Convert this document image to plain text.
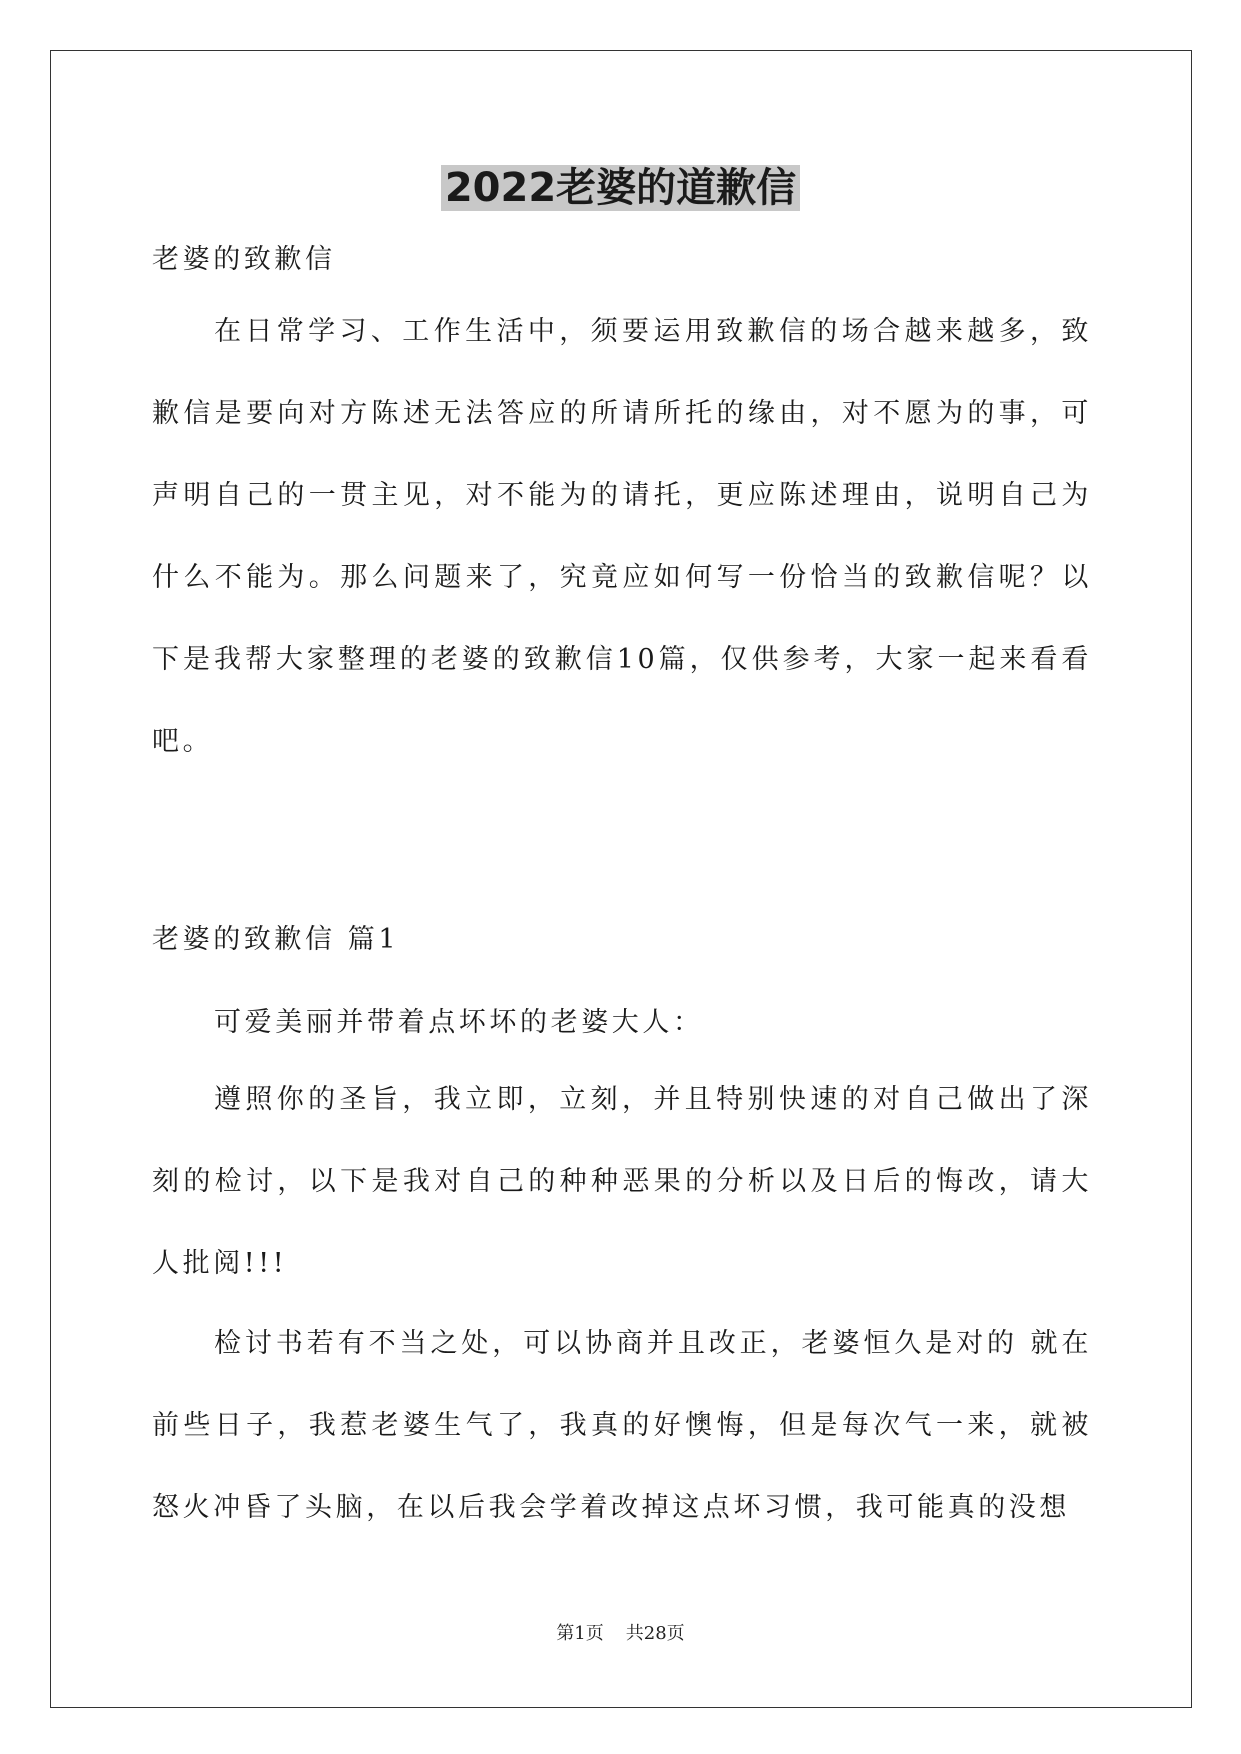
2022老婆的道歉信

老婆的致歉信

在日常学习、工作生活中，须要运用致歉信的场合越来越多，致歉信是要向对方陈述无法答应的所请所托的缘由，对不愿为的事，可声明自己的一贯主见，对不能为的请托，更应陈述理由，说明自己为什么不能为。那么问题来了，究竟应如何写一份恰当的致歉信呢？以下是我帮大家整理的老婆的致歉信10篇，仅供参考，大家一起来看看吧。

老婆的致歉信 篇1

可爱美丽并带着点坏坏的老婆大人：

遵照你的圣旨，我立即，立刻，并且特别快速的对自己做出了深刻的检讨，以下是我对自己的种种恶果的分析以及日后的悔改，请大人批阅!!!

检讨书若有不当之处，可以协商并且改正，老婆恒久是对的 就在前些日子，我惹老婆生气了，我真的好懊悔，但是每次气一来，就被怒火冲昏了头脑，在以后我会学着改掉这点坏习惯，我可能真的没想

第1页 共28页
